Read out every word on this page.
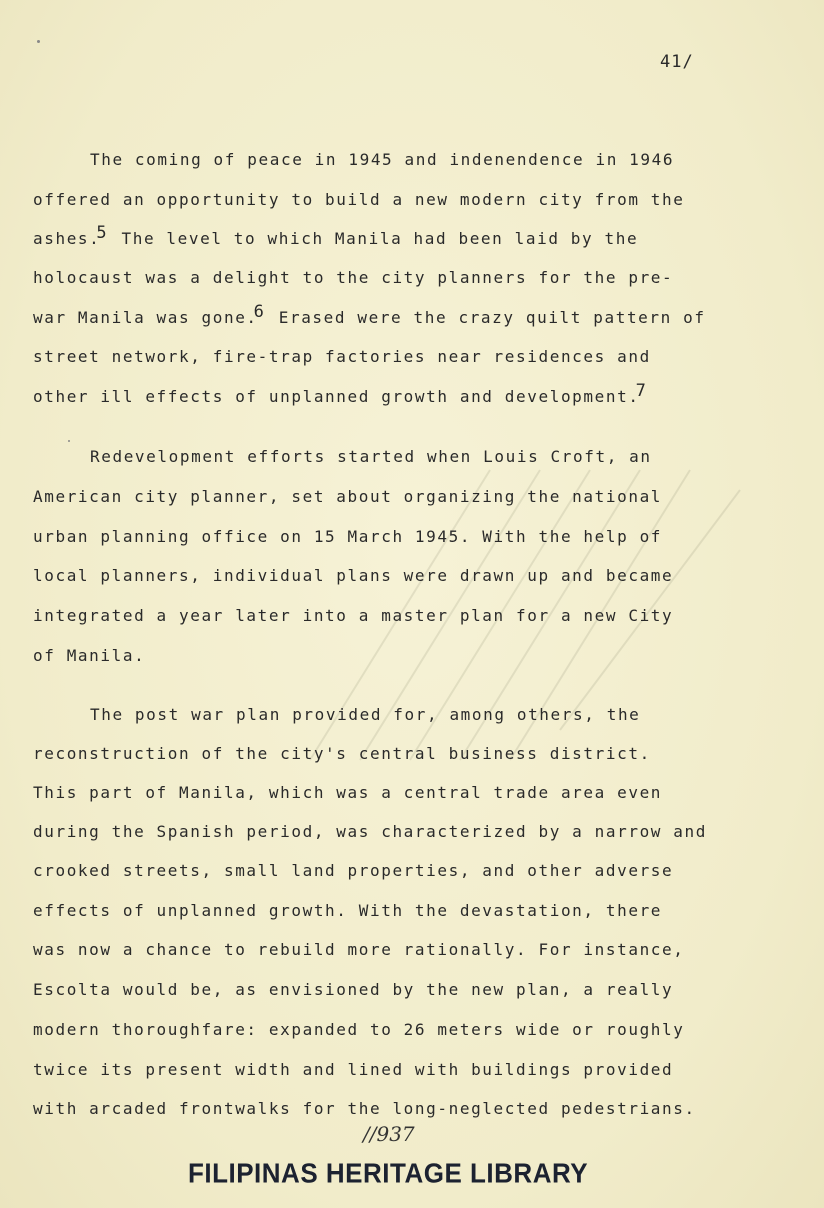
41/
The coming of peace in 1945 and indenendence in 1946
offered an opportunity to build a new modern city from the
ashes.$^5$ The level to which Manila had been laid by the
holocaust was a delight to the city planners for the pre-
war Manila was gone.$^6$ Erased were the crazy quilt pattern of
street network, fire-trap factories near residences and
other ill effects of unplanned growth and development.$^7$
Redevelopment efforts started when Louis Croft, an
American city planner, set about organizing the national
urban planning office on 15 March 1945. With the help of
local planners, individual plans were drawn up and became
integrated a year later into a master plan for a new City
of Manila.
The post war plan provided for, among others, the
reconstruction of the city's central business district.
This part of Manila, which was a central trade area even
during the Spanish period, was characterized by a narrow and
crooked streets, small land properties, and other adverse
effects of unplanned growth. With the devastation, there
was now a chance to rebuild more rationally. For instance,
Escolta would be, as envisioned by the new plan, a really
modern thoroughfare: expanded to 26 meters wide or roughly
twice its present width and lined with buildings provided
with arcaded frontwalks for the long-neglected pedestrians.
//937
FILIPINAS HERITAGE LIBRARY
